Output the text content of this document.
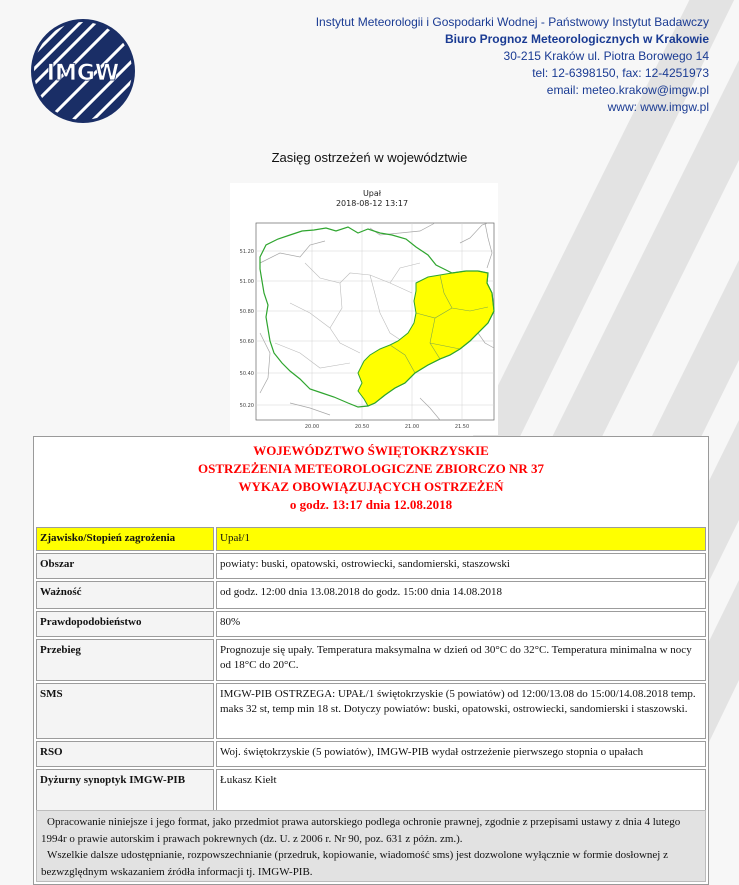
IMGW
Instytut Meteorologii i Gospodarki Wodnej - Państwowy Instytut Badawczy
Biuro Prognoz Meteorologicznych w Krakowie
30-215 Kraków ul. Piotra Borowego 14
tel: 12-6398150, fax: 12-4251973
email: meteo.krakow@imgw.pl
www: www.imgw.pl
Zasięg ostrzeżeń w województwie
Upał
2018-08-12 13:17
51.20
51.00
50.80
50.60
50.40
50.20
20.00	20.50	21.00	21.50
WOJEWÓDZTWO ŚWIĘTOKRZYSKIE
OSTRZEŻENIA METEOROLOGICZNE ZBIORCZO NR 37
WYKAZ OBOWIĄZUJĄCYCH OSTRZEŻEŃ
o godz. 13:17 dnia 12.08.2018
Zjawisko/Stopień zagrożenia	Upał/1
Obszar	powiaty: buski, opatowski, ostrowiecki, sandomierski, staszowski
Ważność	od godz. 12:00 dnia 13.08.2018 do godz. 15:00 dnia 14.08.2018
Prawdopodobieństwo	80%
Przebieg	Prognozuje się upały. Temperatura maksymalna w dzień od 30°C do 32°C. Temperatura minimalna w nocy od 18°C do 20°C.
SMS	IMGW-PIB OSTRZEGA: UPAŁ/1 świętokrzyskie (5 powiatów) od 12:00/13.08 do 15:00/14.08.2018 temp. maks 32 st, temp min 18 st. Dotyczy powiatów: buski, opatowski, ostrowiecki, sandomierski i staszowski.
RSO	Woj. świętokrzyskie (5 powiatów), IMGW-PIB wydał ostrzeżenie pierwszego stopnia o upałach
Dyżurny synoptyk IMGW-PIB	Łukasz Kiełt

Opracowanie niniejsze i jego format, jako przedmiot prawa autorskiego podlega ochronie prawnej, zgodnie z przepisami ustawy z dnia 4 lutego 1994r o prawie autorskim i prawach pokrewnych (dz. U. z 2006 r. Nr 90, poz. 631 z późn. zm.).

Wszelkie dalsze udostępnianie, rozpowszechnianie (przedruk, kopiowanie, wiadomość sms) jest dozwolone wyłącznie w formie dosłownej z bezwzględnym wskazaniem źródła informacji tj. IMGW-PIB.
